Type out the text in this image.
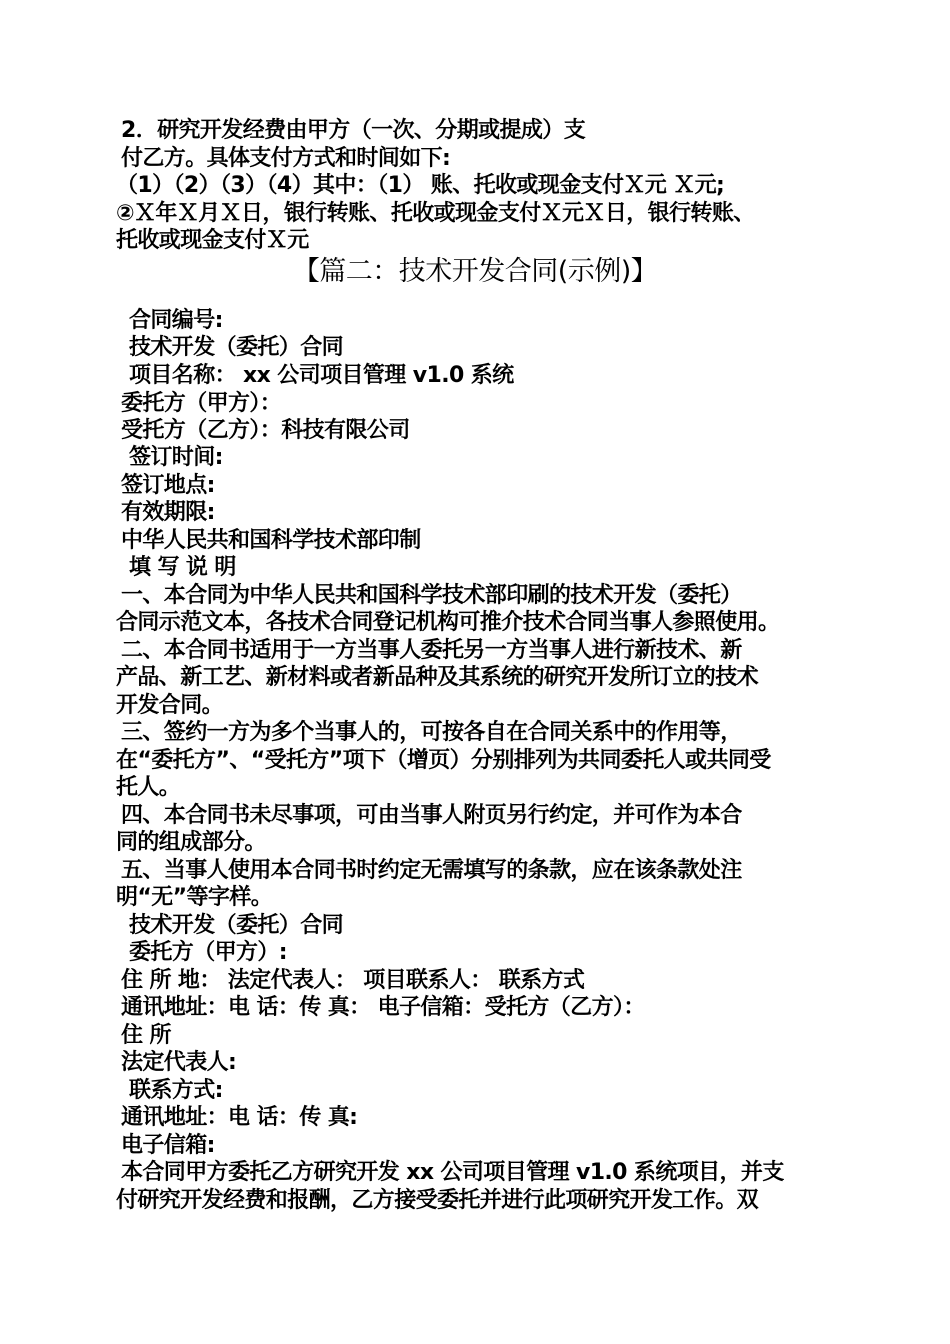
2．研究开发经费由甲方（一次、分期或提成）支
付乙方。具体支付方式和时间如下:
（1）（2）（3）（4）其中：（1） 账、托收或现金支付Ｘ元 Ｘ元;
②Ｘ年Ｘ月Ｘ日，银行转账、托收或现金支付Ｘ元Ｘ日，银行转账、
托收或现金支付Ｘ元
【篇二：技术开发合同(示例)】
合同编号:
技术开发（委托）合同
项目名称： xx 公司项目管理 v1.0 系统
委托方（甲方）：
受托方（乙方）：科技有限公司
签订时间:
签订地点:
有效期限:
中华人民共和国科学技术部印制
填 写 说 明
一、本合同为中华人民共和国科学技术部印刷的技术开发（委托）
合同示范文本，各技术合同登记机构可推介技术合同当事人参照使用。
二、本合同书适用于一方当事人委托另一方当事人进行新技术、新
产品、新工艺、新材料或者新品种及其系统的研究开发所订立的技术
开发合同。
三、签约一方为多个当事人的，可按各自在合同关系中的作用等，
在“委托方”、“受托方”项下（增页）分别排列为共同委托人或共同受
托人。
四、本合同书未尽事项，可由当事人附页另行约定，并可作为本合
同的组成部分。
五、当事人使用本合同书时约定无需填写的条款，应在该条款处注
明“无”等字样。
技术开发（委托）合同
委托方（甲方）:
住 所 地： 法定代表人： 项目联系人： 联系方式
通讯地址：电 话：传 真： 电子信箱：受托方（乙方）：
住 所
法定代表人:
联系方式:
通讯地址：电 话：传 真:
电子信箱:
本合同甲方委托乙方研究开发 xx 公司项目管理 v1.0 系统项目，并支
付研究开发经费和报酬，乙方接受委托并进行此项研究开发工作。双
